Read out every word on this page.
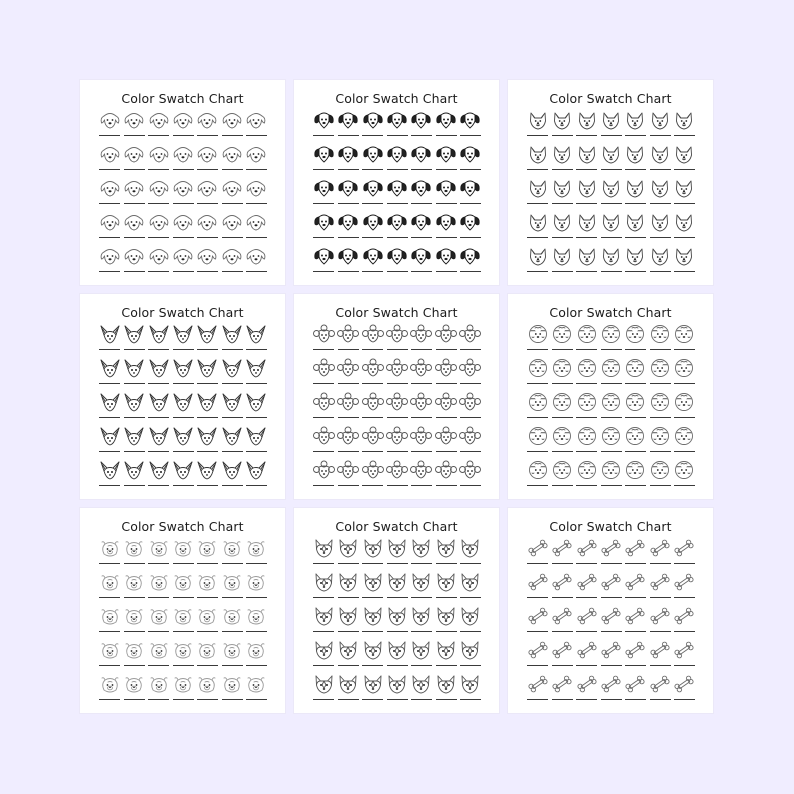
Color Swatch Chart	Color Swatch Chart	Color Swatch Chart
Color Swatch Chart	Color Swatch Chart	Color Swatch Chart
Color Swatch Chart	Color Swatch Chart	Color Swatch Chart
